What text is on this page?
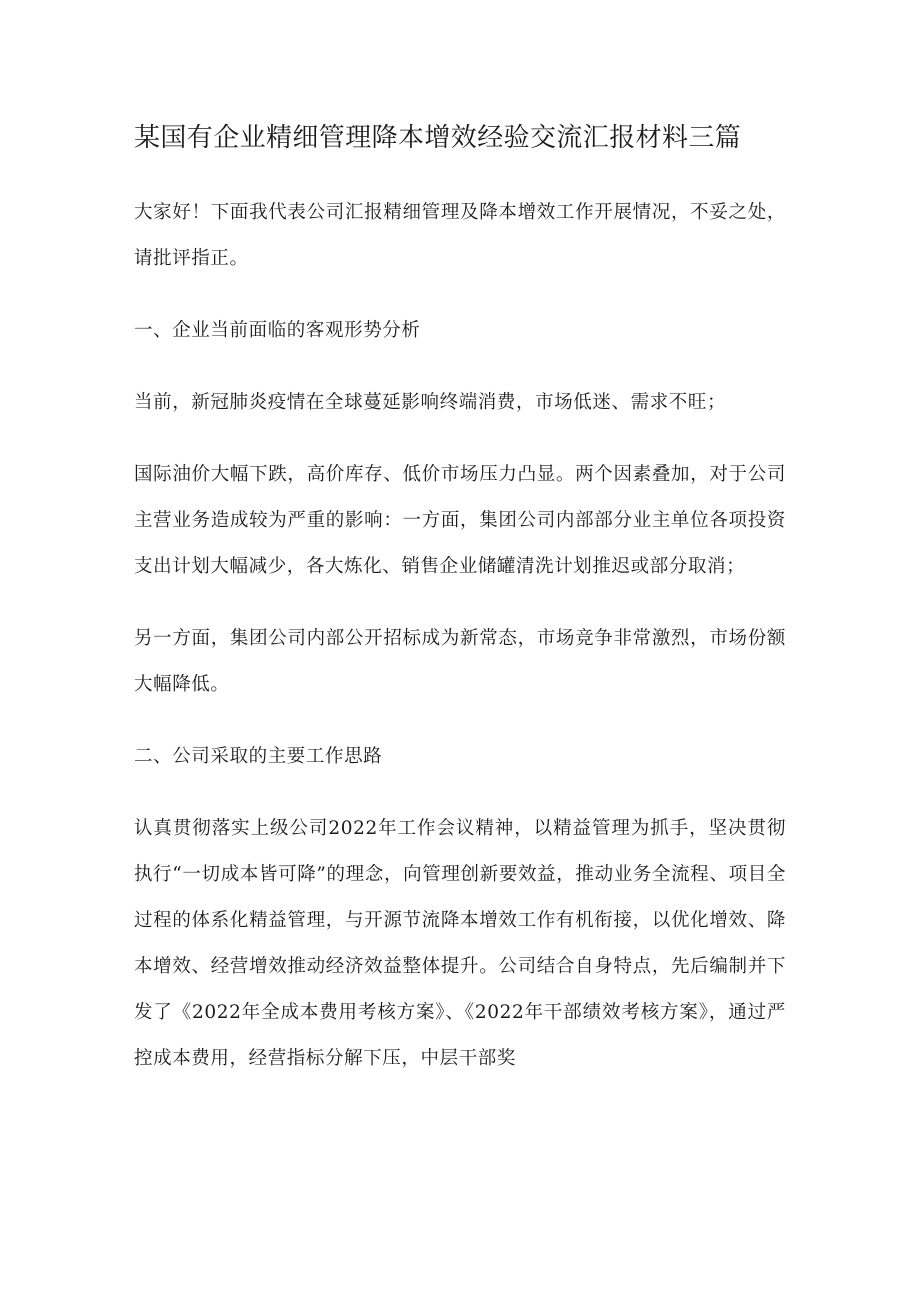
某国有企业精细管理降本增效经验交流汇报材料三篇

大家好！下面我代表公司汇报精细管理及降本增效工作开展情况，不妥之处，请批评指正。

一、企业当前面临的客观形势分析

当前，新冠肺炎疫情在全球蔓延影响终端消费，市场低迷、需求不旺；

国际油价大幅下跌，高价库存、低价市场压力凸显。两个因素叠加，对于公司主营业务造成较为严重的影响：一方面，集团公司内部部分业主单位各项投资支出计划大幅减少，各大炼化、销售企业储罐清洗计划推迟或部分取消；

另一方面，集团公司内部公开招标成为新常态，市场竞争非常激烈，市场份额大幅降低。

二、公司采取的主要工作思路

认真贯彻落实上级公司2022年工作会议精神，以精益管理为抓手，坚决贯彻执行“一切成本皆可降”的理念，向管理创新要效益，推动业务全流程、项目全过程的体系化精益管理，与开源节流降本增效工作有机衔接，以优化增效、降本增效、经营增效推动经济效益整体提升。公司结合自身特点，先后编制并下发了《2022年全成本费用考核方案》、《2022年干部绩效考核方案》，通过严控成本费用，经营指标分解下压，中层干部奖
